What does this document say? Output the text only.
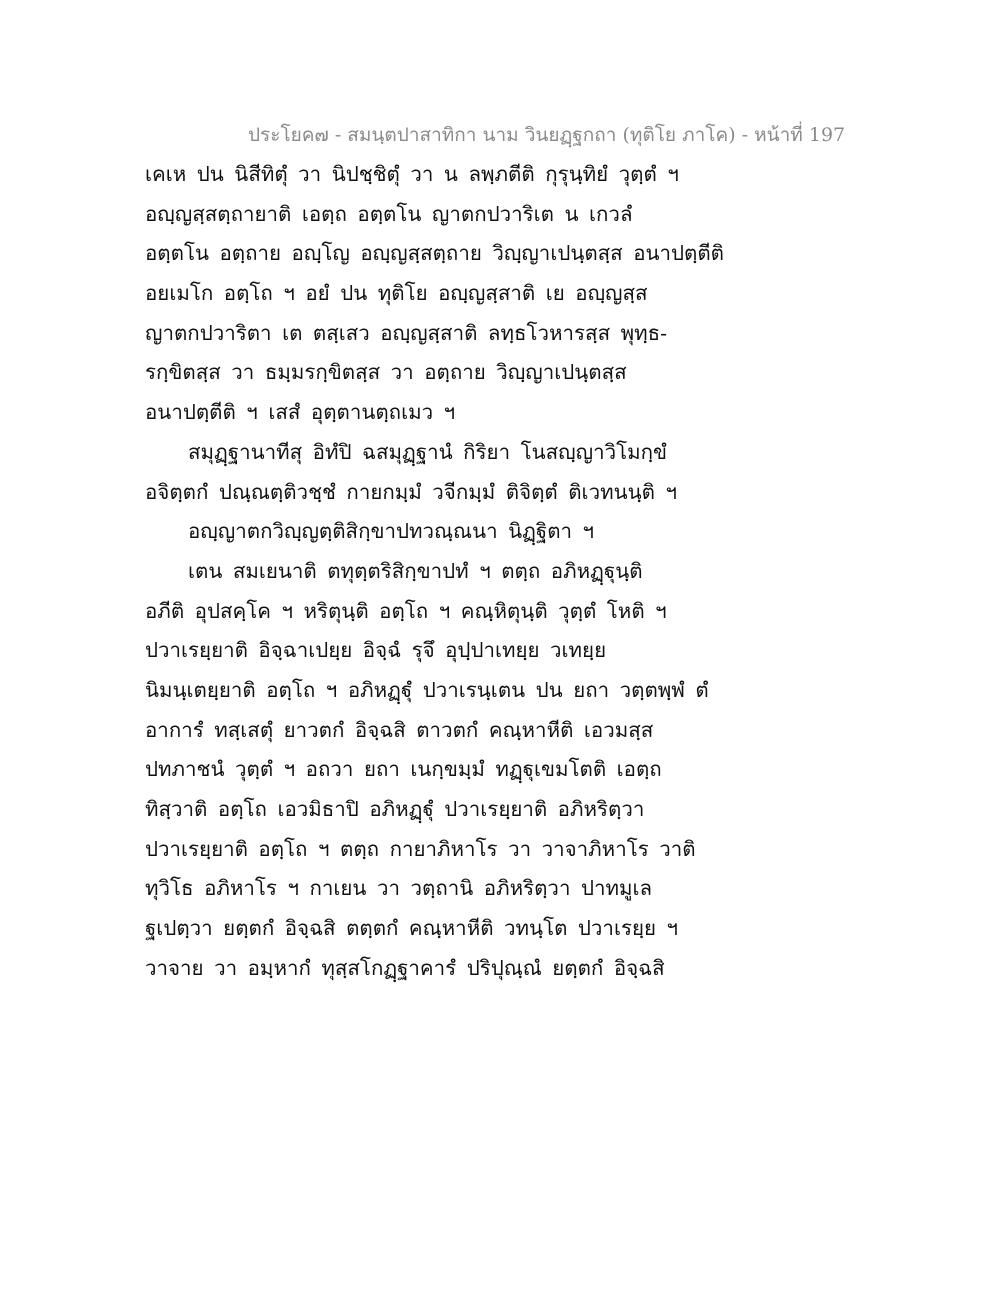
ประโยค๗ - สมนฺตปาสาทิกา นาม วินยฏฺฐกถา (ทุติโย ภาโค) - หน้าที่ 197
เคเห ปน นิสีทิตุํ วา นิปชฺชิตุํ วา น ลพฺภตีติ กุรุนฺทิยํ วุตฺตํ ฯ
อญฺญสฺสตฺถายาติ เอตฺถ อตฺตโน ญาตกปวาริเต น เกวลํ
อตฺตโน อตฺถาย อญฺโญ อญฺญสฺสตฺถาย วิญฺญาเปนฺตสฺส อนาปตฺตีติ
อยเมโก อตฺโถ ฯ อยํ ปน ทุติโย อญฺญสฺสาติ เย อญฺญสฺส
ญาตกปวาริตา เต ตสฺเสว อญฺญสฺสาติ ลทฺธโวหารสฺส พุทฺธ-
รกฺขิตสฺส วา ธมฺมรกฺขิตสฺส วา อตฺถาย วิญฺญาเปนฺตสฺส
อนาปตฺตีติ ฯ เสสํ อุตฺตานตฺถเมว ฯ
สมุฏฺฐานาทีสุ อิทํปิ ฉสมุฏฺฐานํ กิริยา โนสญฺญาวิโมกฺขํ
อจิตฺตกํ ปณฺณตฺติวชฺชํ กายกมฺมํ วจีกมฺมํ ติจิตฺตํ ติเวทนนฺติ ฯ
อญฺญาตกวิญฺญตฺติสิกฺขาปทวณฺณนา นิฏฺฐิตา ฯ
เตน สมเยนาติ ตทุตฺตริสิกฺขาปทํ ฯ ตตฺถ อภิหฏฺฐุนฺติ
อภีติ อุปสคฺโค ฯ หริตุนฺติ อตฺโถ ฯ คณฺหิตุนฺติ วุตฺตํ โหติ ฯ
ปวาเรยฺยาติ อิจฺฉาเปยฺย อิจฺฉํ รุจึ อุปฺปาเทยฺย วเทยฺย
นิมนฺเตยฺยาติ อตฺโถ ฯ อภิหฏฺฐุํ ปวาเรนฺเตน ปน ยถา วตฺตพฺพํ ตํ
อาการํ ทสฺเสตุํ ยาวตกํ อิจฺฉสิ ตาวตกํ คณฺหาหีติ เอวมสฺส
ปทภาชนํ วุตฺตํ ฯ อถวา ยถา เนกฺขมฺมํ ทฏฺฐุเขมโตติ เอตฺถ
ทิสฺวาติ อตฺโถ เอวมิธาปิ อภิหฏฺฐุํ ปวาเรยฺยาติ อภิหริตฺวา
ปวาเรยฺยาติ อตฺโถ ฯ ตตฺถ กายาภิหาโร วา วาจาภิหาโร วาติ
ทุวิโธ อภิหาโร ฯ กาเยน วา วตฺถานิ อภิหริตฺวา ปาทมูเล
ฐเปตฺวา ยตฺตกํ อิจฺฉสิ ตตฺตกํ คณฺหาหีติ วทนฺโต ปวาเรยฺย ฯ
วาจาย วา อมฺหากํ ทุสฺสโกฏฺฐาคารํ ปริปุณฺณํ ยตฺตกํ อิจฺฉสิ
